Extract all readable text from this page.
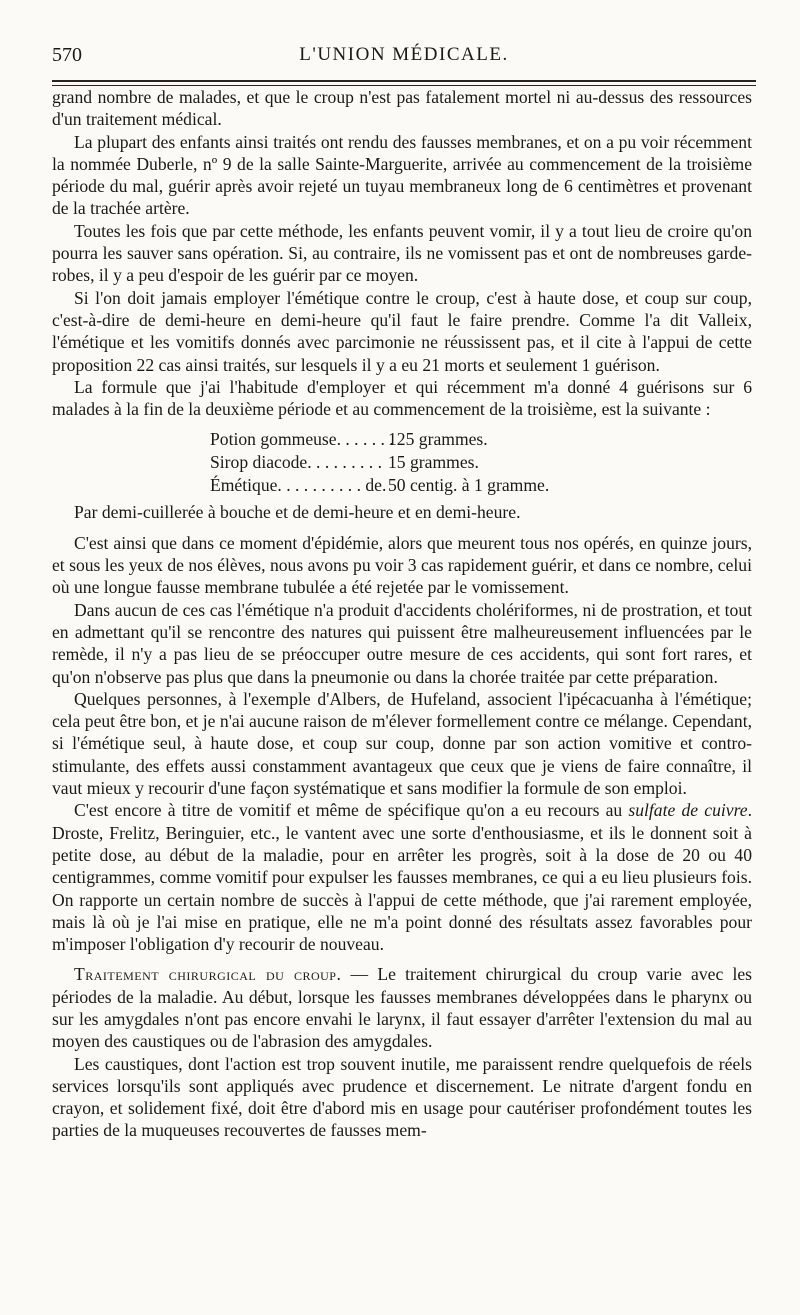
570	L'UNION MÉDICALE.

grand nombre de malades, et que le croup n'est pas fatalement mortel ni au-dessus des ressources d'un traitement médical.

La plupart des enfants ainsi traités ont rendu des fausses membranes, et on a pu voir récemment la nommée Duberle, nº 9 de la salle Sainte-Marguerite, arrivée au commencement de la troisième période du mal, guérir après avoir rejeté un tuyau membraneux long de 6 centimètres et provenant de la trachée artère.

Toutes les fois que par cette méthode, les enfants peuvent vomir, il y a tout lieu de croire qu'on pourra les sauver sans opération. Si, au contraire, ils ne vomissent pas et ont de nombreuses garde-robes, il y a peu d'espoir de les guérir par ce moyen.

Si l'on doit jamais employer l'émétique contre le croup, c'est à haute dose, et coup sur coup, c'est-à-dire de demi-heure en demi-heure qu'il faut le faire prendre. Comme l'a dit Valleix, l'émétique et les vomitifs donnés avec parcimonie ne réussissent pas, et il cite à l'appui de cette proposition 22 cas ainsi traités, sur lesquels il y a eu 21 morts et seulement 1 guérison.

La formule que j'ai l'habitude d'employer et qui récemment m'a donné 4 guérisons sur 6 malades à la fin de la deuxième période et au commencement de la troisième, est la suivante :

Potion gommeuse. . . . . . .
125 grammes.
Sirop diacode. . . . . . . . . 15 grammes.
Émétique. . . . . . . . . . de. 50 centig. à 1 gramme.

Par demi-cuillerée à bouche et de demi-heure et en demi-heure.

C'est ainsi que dans ce moment d'épidémie, alors que meurent tous nos opérés, en quinze jours, et sous les yeux de nos élèves, nous avons pu voir 3 cas rapidement guérir, et dans ce nombre, celui où une longue fausse membrane tubulée a été rejetée par le vomissement.

Dans aucun de ces cas l'émétique n'a produit d'accidents cholériformes, ni de prostration, et tout en admettant qu'il se rencontre des natures qui puissent être malheureusement influencées par le remède, il n'y a pas lieu de se préoccuper outre mesure de ces accidents, qui sont fort rares, et qu'on n'observe pas plus que dans la pneumonie ou dans la chorée traitée par cette préparation.

Quelques personnes, à l'exemple d'Albers, de Hufeland, associent l'ipécacuanha à l'émétique; cela peut être bon, et je n'ai aucune raison de m'élever formellement contre ce mélange. Cependant, si l'émétique seul, à haute dose, et coup sur coup, donne par son action vomitive et contro-stimulante, des effets aussi constamment avantageux que ceux que je viens de faire connaître, il vaut mieux y recourir d'une façon systématique et sans modifier la formule de son emploi.

C'est encore à titre de vomitif et même de spécifique qu'on a eu recours au sulfate de cuivre. Droste, Frelitz, Beringuier, etc., le vantent avec une sorte d'enthousiasme, et ils le donnent soit à petite dose, au début de la maladie, pour en arrêter les progrès, soit à la dose de 20 ou 40 centigrammes, comme vomitif pour expulser les fausses membranes, ce qui a eu lieu plusieurs fois. On rapporte un certain nombre de succès à l'appui de cette méthode, que j'ai rarement employée, mais là où je l'ai mise en pratique, elle ne m'a point donné des résultats assez favorables pour m'imposer l'obligation d'y recourir de nouveau.

Traitement chirurgical du croup. — Le traitement chirurgical du croup varie avec les périodes de la maladie. Au début, lorsque les fausses membranes développées dans le pharynx ou sur les amygdales n'ont pas encore envahi le larynx, il faut essayer d'arrêter l'extension du mal au moyen des caustiques ou de l'abrasion des amygdales.

Les caustiques, dont l'action est trop souvent inutile, me paraissent rendre quelquefois de réels services lorsqu'ils sont appliqués avec prudence et discernement. Le nitrate d'argent fondu en crayon, et solidement fixé, doit être d'abord mis en usage pour cautériser profondément toutes les parties de la muqueuses recouvertes de fausses mem-
